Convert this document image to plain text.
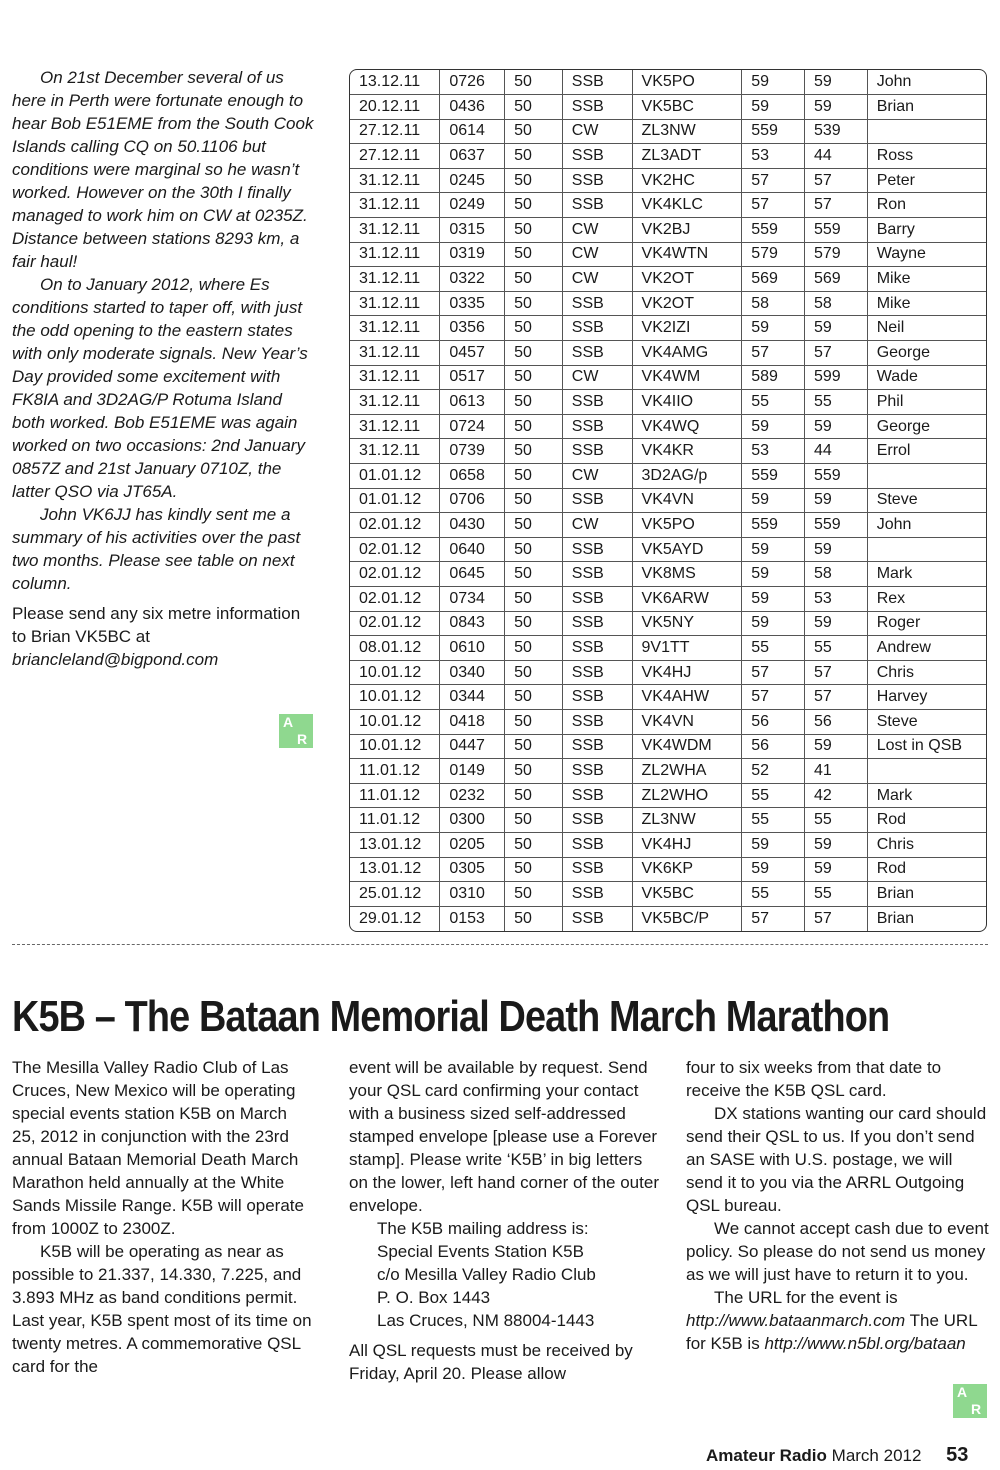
On 21st December several of us here in Perth were fortunate enough to hear Bob E51EME from the South Cook Islands calling CQ on 50.1106 but conditions were marginal so he wasn’t worked. However on the 30th I finally managed to work him on CW at 0235Z. Distance between stations 8293 km, a fair haul!

On to January 2012, where Es conditions started to taper off, with just the odd opening to the eastern states with only moderate signals. New Year’s Day provided some excitement with FK8IA and 3D2AG/P Rotuma Island both worked. Bob E51EME was again worked on two occasions: 2nd January 0857Z and 21st January 0710Z, the latter QSO via JT65A.

John VK6JJ has kindly sent me a summary of his activities over the past two months. Please see table on next column.

Please send any six metre information to Brian VK5BC at briancleland@bigpond.com

A
R
13.12.11	0726	50	SSB	VK5PO	59	59	John
20.12.11	0436	50	SSB	VK5BC	59	59	Brian
27.12.11	0614	50	CW	ZL3NW	559	539	
27.12.11	0637	50	SSB	ZL3ADT	53	44	Ross
31.12.11	0245	50	SSB	VK2HC	57	57	Peter
31.12.11	0249	50	SSB	VK4KLC	57	57	Ron
31.12.11	0315	50	CW	VK2BJ	559	559	Barry
31.12.11	0319	50	CW	VK4WTN	579	579	Wayne
31.12.11	0322	50	CW	VK2OT	569	569	Mike
31.12.11	0335	50	SSB	VK2OT	58	58	Mike
31.12.11	0356	50	SSB	VK2IZI	59	59	Neil
31.12.11	0457	50	SSB	VK4AMG	57	57	George
31.12.11	0517	50	CW	VK4WM	589	599	Wade
31.12.11	0613	50	SSB	VK4IIO	55	55	Phil
31.12.11	0724	50	SSB	VK4WQ	59	59	George
31.12.11	0739	50	SSB	VK4KR	53	44	Errol
01.01.12	0658	50	CW	3D2AG/p	559	559	
01.01.12	0706	50	SSB	VK4VN	59	59	Steve
02.01.12	0430	50	CW	VK5PO	559	559	John
02.01.12	0640	50	SSB	VK5AYD	59	59	
02.01.12	0645	50	SSB	VK8MS	59	58	Mark
02.01.12	0734	50	SSB	VK6ARW	59	53	Rex
02.01.12	0843	50	SSB	VK5NY	59	59	Roger
08.01.12	0610	50	SSB	9V1TT	55	55	Andrew
10.01.12	0340	50	SSB	VK4HJ	57	57	Chris
10.01.12	0344	50	SSB	VK4AHW	57	57	Harvey
10.01.12	0418	50	SSB	VK4VN	56	56	Steve
10.01.12	0447	50	SSB	VK4WDM	56	59	Lost in QSB
11.01.12	0149	50	SSB	ZL2WHA	52	41	
11.01.12	0232	50	SSB	ZL2WHO	55	42	Mark
11.01.12	0300	50	SSB	ZL3NW	55	55	Rod
13.01.12	0205	50	SSB	VK4HJ	59	59	Chris
13.01.12	0305	50	SSB	VK6KP	59	59	Rod
25.01.12	0310	50	SSB	VK5BC	55	55	Brian
29.01.12	0153	50	SSB	VK5BC/P	57	57	Brian
K5B – The Bataan Memorial Death March Marathon

The Mesilla Valley Radio Club of Las Cruces, New Mexico will be operating special events station K5B on March 25, 2012 in conjunction with the 23rd annual Bataan Memorial Death March Marathon held annually at the White Sands Missile Range. K5B will operate from 1000Z to 2300Z.

K5B will be operating as near as possible to 21.337, 14.330, 7.225, and 3.893 MHz as band conditions permit. Last year, K5B spent most of its time on twenty metres. A commemorative QSL card for the

event will be available by request. Send your QSL card confirming your contact with a business sized self-addressed stamped envelope [please use a Forever stamp]. Please write ‘K5B’ in big letters on the lower, left hand corner of the outer envelope.

The K5B mailing address is:

Special Events Station K5B

c/o Mesilla Valley Radio Club

P. O. Box 1443

Las Cruces, NM 88004-1443

All QSL requests must be received by Friday, April 20. Please allow

four to six weeks from that date to receive the K5B QSL card.

DX stations wanting our card should send their QSL to us. If you don’t send an SASE with U.S. postage, we will send it to you via the ARRL Outgoing QSL bureau.

We cannot accept cash due to event policy. So please do not send us money as we will just have to return it to you.

The URL for the event is http://www.bataanmarch.com The URL for K5B is http://www.n5bl.org/bataan

A
R
Amateur Radio March 2012 53
